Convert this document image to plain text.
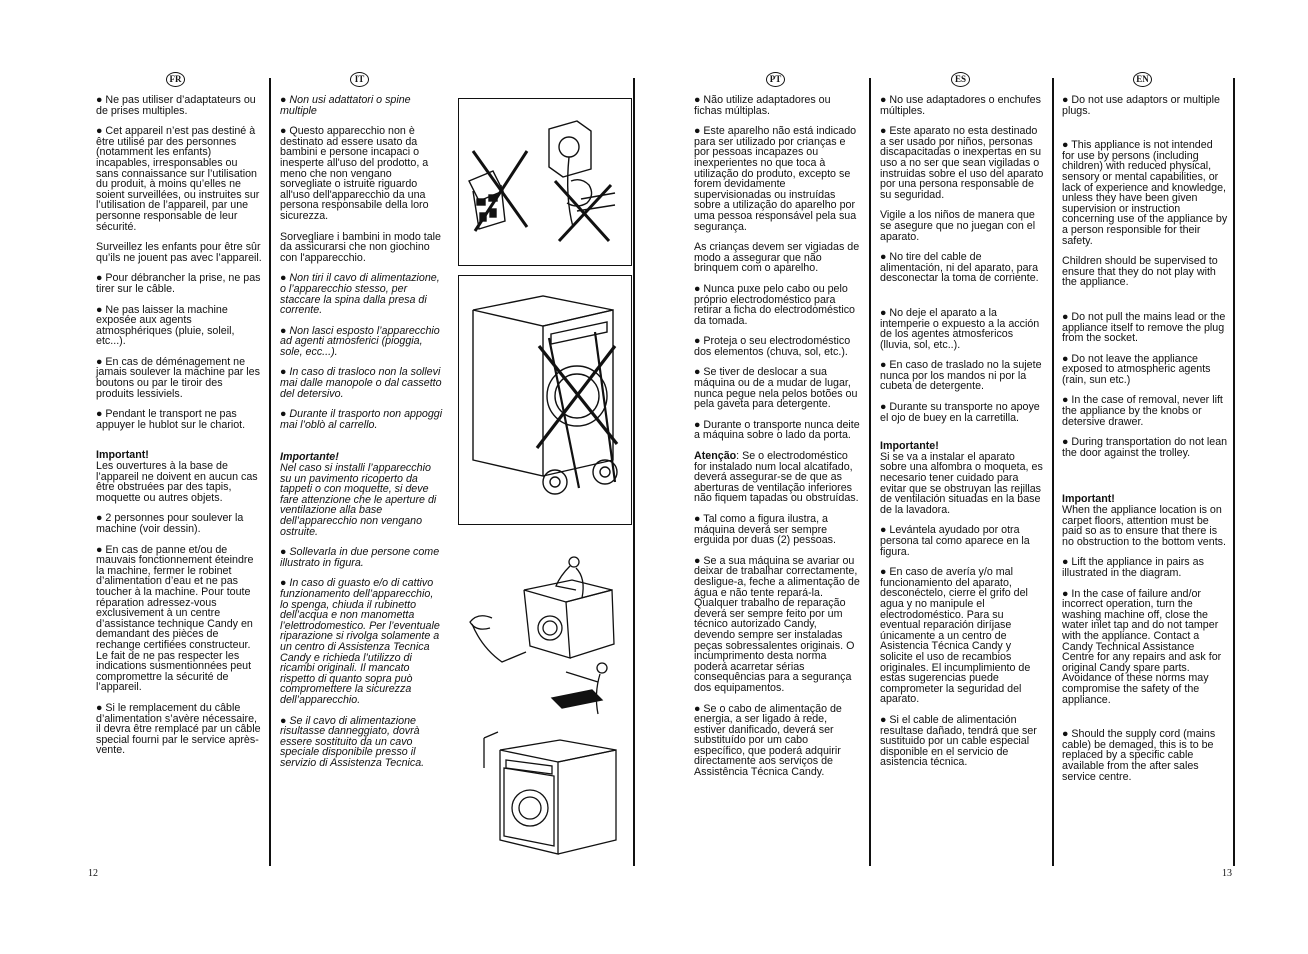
FR	IT	PT	ES	EN

● Ne pas utiliser d’adaptateurs ou de prises multiples.

● Cet appareil n’est pas destiné à être utilisé par des personnes (notamment les enfants) incapables, irresponsables ou sans connaissance sur l’utilisation du produit, à moins qu’elles ne soient surveillées, ou instruites sur l’utilisation de l’appareil, par une personne responsable de leur sécurité.

Surveillez les enfants pour être sûr qu’ils ne jouent pas avec l’appareil.

● Pour débrancher la prise, ne pas tirer sur le câble.

● Ne pas laisser la machine exposée aux agents atmosphériques (pluie, soleil, etc...).

● En cas de déménagement ne jamais soulever la machine par les boutons ou par le tiroir des produits lessiviels.

● Pendant le transport ne pas appuyer le hublot sur le chariot.

Important!
Les ouvertures à la base de l’appareil ne doivent en aucun cas être obstruées par des tapis, moquette ou autres objets.

● 2 personnes pour soulever la machine (voir dessin).

● En cas de panne et/ou de mauvais fonctionnement éteindre la machine, fermer le robinet d’alimentation d’eau et ne pas toucher à la machine. Pour toute réparation adressez-vous exclusivement à un centre d’assistance technique Candy en demandant des pièces de rechange certifiées constructeur. Le fait de ne pas respecter les indications susmentionnées peut compromettre la sécurité de l’appareil.

● Si le remplacement du câble d’alimentation s’avère nécessaire, il devra être remplacé par un câble special fourni par le service après-vente.

● Non usi adattatori o spine multiple

● Questo apparecchio non è destinato ad essere usato da bambini e persone incapaci o inesperte all'uso del prodotto, a meno che non vengano sorvegliate o istruite riguardo all'uso dell'apparecchio da una persona responsabile della loro sicurezza.

Sorvegliare i bambini in modo tale da assicurarsi che non giochino con l'apparecchio.

● Non tiri il cavo di alimentazione, o l’apparecchio stesso, per staccare la spina dalla presa di corrente.

● Non lasci esposto l’apparecchio ad agenti atmosferici (pioggia, sole, ecc...).

● In caso di trasloco non la sollevi mai dalle manopole o dal cassetto del detersivo.

● Durante il trasporto non appoggi mai l’oblò al carrello.

Importante!
Nel caso si installi l’apparecchio su un pavimento ricoperto da tappeti o con moquette, si deve fare attenzione che le aperture di ventilazione alla base dell’apparecchio non vengano ostruite.

● Sollevarla in due persone come illustrato in figura.

● In caso di guasto e/o di cattivo funzionamento dell’apparecchio, lo spenga, chiuda il rubinetto dell’acqua e non manometta l’elettrodomestico. Per l’eventuale riparazione si rivolga solamente a un centro di Assistenza Tecnica Candy e richieda l’utilizzo di ricambi originali. Il mancato rispetto di quanto sopra può compromettere la sicurezza dell’apparecchio.

● Se il cavo di alimentazione risultasse danneggiato, dovrà essere sostituito da un cavo speciale disponibile presso il servizio di Assistenza Tecnica.

● Não utilize adaptadores ou fichas múltiplas.

● Este aparelho não está indicado para ser utilizado por crianças e por pessoas incapazes ou inexperientes no que toca à utilização do produto, excepto se forem devidamente supervisionadas ou instruídas sobre a utilização do aparelho por uma pessoa responsável pela sua segurança.

As crianças devem ser vigiadas de modo a assegurar que não brinquem com o aparelho.

● Nunca puxe pelo cabo ou pelo próprio electrodoméstico para retirar a ficha do electrodoméstico da tomada.

● Proteja o seu electrodoméstico dos elementos (chuva, sol, etc.).

● Se tiver de deslocar a sua máquina ou de a mudar de lugar, nunca pegue nela pelos botões ou pela gaveta para detergente.

● Durante o transporte nunca deite a máquina sobre o lado da porta.

Atenção: Se o electrodoméstico for instalado num local alcatifado, deverá assegurar-se de que as aberturas de ventilação inferiores não fiquem tapadas ou obstruídas.

● Tal como a figura ilustra, a máquina deverá ser sempre erguida por duas (2) pessoas.

● Se a sua máquina se avariar ou deixar de trabalhar correctamente, desligue-a, feche a alimentação de água e não tente repará-la. Qualquer trabalho de reparação deverá ser sempre feito por um técnico autorizado Candy, devendo sempre ser instaladas peças sobressalentes originais. O incumprimento desta norma poderá acarretar sérias consequências para a segurança dos equipamentos.

● Se o cabo de alimentação de energia, a ser ligado à rede, estiver danificado, deverá ser substituído por um cabo específico, que poderá adquirir directamente aos serviços de Assistência Técnica Candy.

● No use adaptadores o enchufes múltiples.

● Este aparato no esta destinado a ser usado por niños, personas discapacitadas o inexpertas en su uso a no ser que sean vigiladas o instruidas sobre el uso del aparato por una persona responsable de su seguridad.

Vigile a los niños de manera que se asegure que no juegan con el aparato.

● No tire del cable de alimentación, ni del aparato, para desconectar la toma de corriente.

● No deje el aparato a la intemperie o expuesto a la acción de los agentes atmosfericos (lluvia, sol, etc..).

● En caso de traslado no la sujete nunca por los mandos ni por la cubeta de detergente.

● Durante su transporte no apoye el ojo de buey en la carretilla.

Importante!
Si se va a instalar el aparato sobre una alfombra o moqueta, es necesario tener cuidado para evitar que se obstruyan las rejillas de ventilación situadas en la base de la lavadora.

● Levántela ayudado por otra persona tal como aparece en la figura.

● En caso de avería y/o mal funcionamiento del aparato, desconéctelo, cierre el grifo del agua y no manipule el electrodoméstico. Para su eventual reparación diríjase únicamente a un centro de Asistencia Técnica Candy y solicite el uso de recambios originales. El incumplimiento de estas sugerencias puede comprometer la seguridad del aparato.

● Si el cable de alimentación resultase dañado, tendrá que ser sustituido por un cable especial disponible en el servicio de asistencia técnica.

● Do not use adaptors or multiple plugs.

● This appliance is not intended for use by persons (including children) with reduced physical, sensory or mental capabilities, or lack of experience and knowledge, unless they have been given supervision or instruction concerning use of the appliance by a person responsible for their safety.

Children should be supervised to ensure that they do not play with the appliance.

● Do not pull the mains lead or the appliance itself to remove the plug from the socket.

● Do not leave the appliance exposed to atmospheric agents (rain, sun etc.)

● In the case of removal, never lift the appliance by the knobs or detersive drawer.

● During transportation do not lean the door against the trolley.

Important!
When the appliance location is on carpet floors, attention must be paid so as to ensure that there is no obstruction to the bottom vents.

● Lift the appliance in pairs as illustrated in the diagram.

● In the case of failure and/or incorrect operation, turn the washing machine off, close the water inlet tap and do not tamper with the appliance. Contact a Candy Technical Assistance Centre for any repairs and ask for original Candy spare parts. Avoidance of these norms may compromise the safety of the appliance.

● Should the supply cord (mains cable) be demaged, this is to be replaced by a specific cable available from the after sales service centre.

12	13
